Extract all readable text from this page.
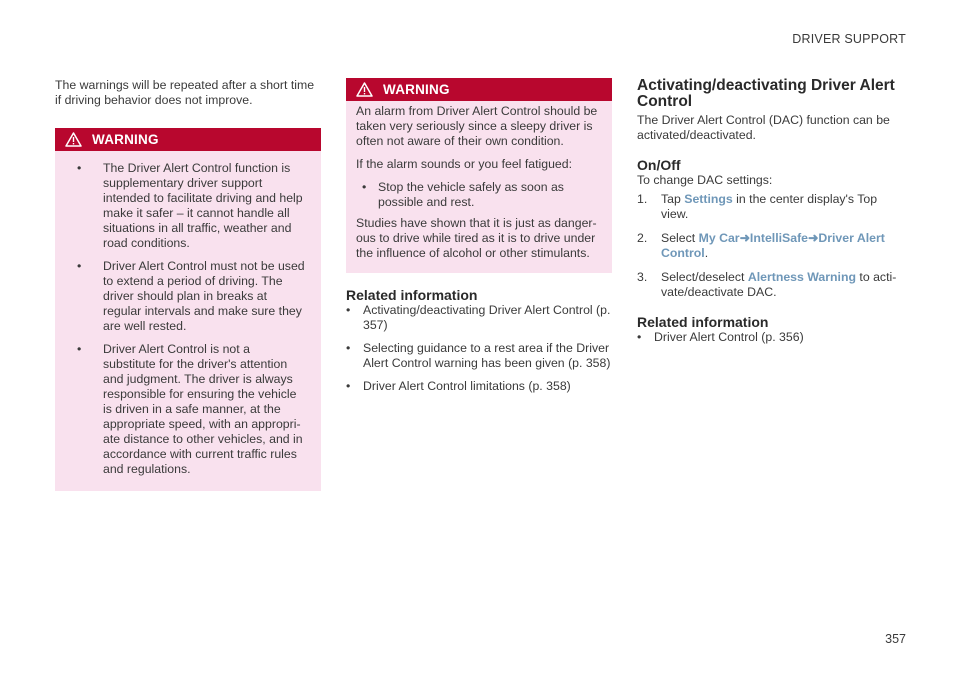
DRIVER SUPPORT

The warnings will be repeated after a short time if driving behavior does not improve.

WARNING
• The Driver Alert Control function is supplementary driver support intended to facilitate driving and help make it safer – it cannot handle all situations in all traffic, weather and road conditions.
• Driver Alert Control must not be used to extend a period of driving. The driver should plan in breaks at regular intervals and make sure they are well rested.
• Driver Alert Control is not a substitute for the driver's attention and judgment. The driver is always responsible for ensuring the vehicle is driven in a safe manner, at the appropriate speed, with an appropriate distance to other vehicles, and in accordance with current traffic rules and regulations.
WARNING

An alarm from Driver Alert Control should be taken very seriously since a sleepy driver is often not aware of their own condition.

If the alarm sounds or you feel fatigued:

• Stop the vehicle safely as soon as possible and rest.

Studies have shown that it is just as dangerous to drive while tired as it is to drive under the influence of alcohol or other stimulants.

Related information
• Activating/deactivating Driver Alert Control (p. 357)
• Selecting guidance to a rest area if the Driver Alert Control warning has been given (p. 358)
• Driver Alert Control limitations (p. 358)
Activating/deactivating Driver Alert Control

The Driver Alert Control (DAC) function can be activated/deactivated.

On/Off

To change DAC settings:

1. Tap Settings in the center display's Top view.
2. Select My Car➜IntelliSafe➜Driver Alert Control.
3. Select/deselect Alertness Warning to activate/deactivate DAC.
Related information
• Driver Alert Control (p. 356)
357
